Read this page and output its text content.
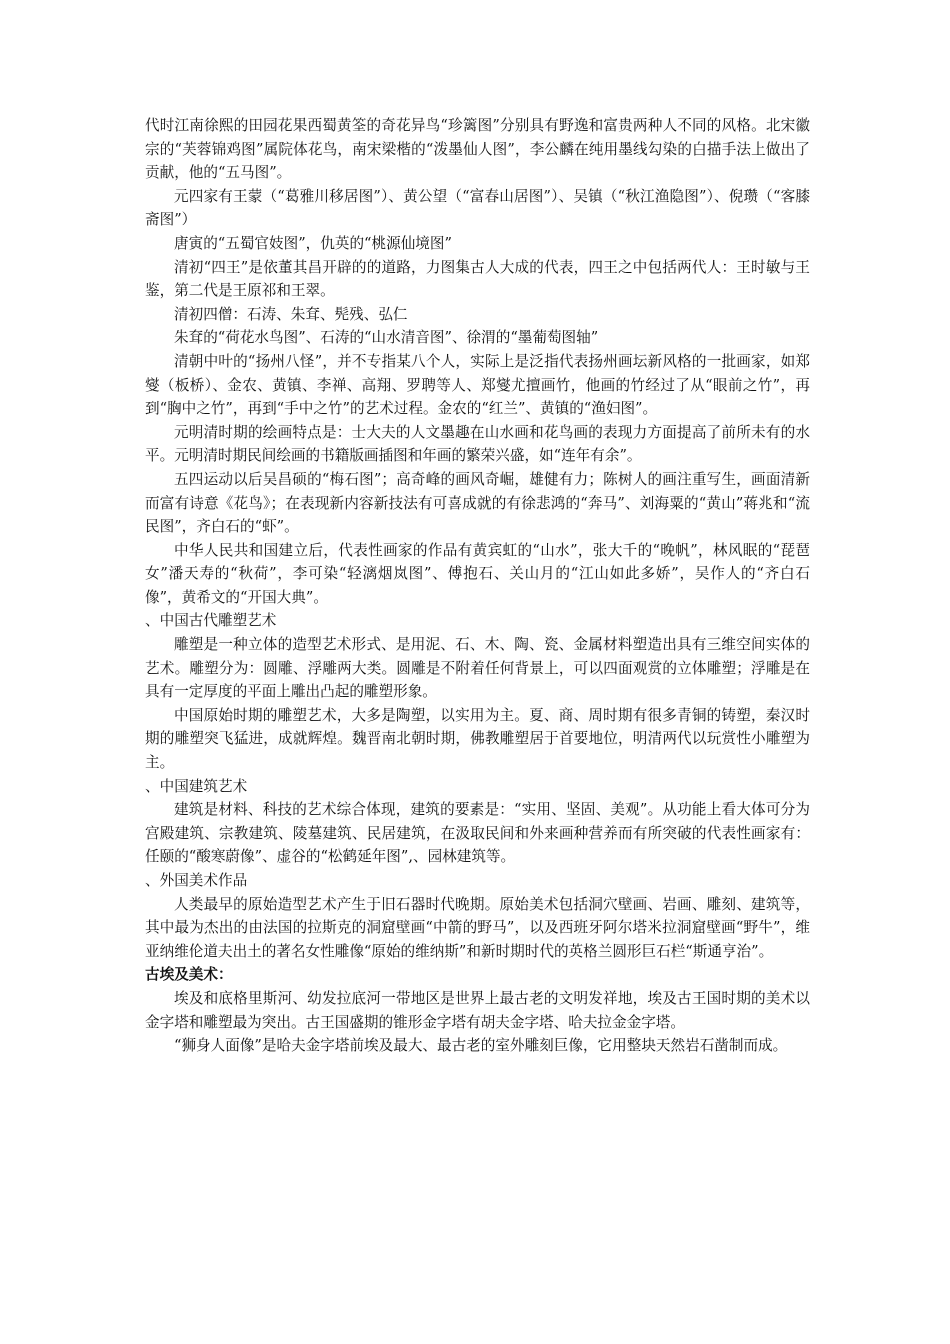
代时江南徐熙的田园花果西蜀黄筌的奇花异鸟“珍篱图”分别具有野逸和富贵两种人不同的风格。北宋徽宗的“芙蓉锦鸡图”属院体花鸟，南宋梁楷的“泼墨仙人图”，李公麟在纯用墨线勾染的白描手法上做出了贡献，他的“五马图”。

元四家有王蒙（“葛雅川移居图”）、黄公望（“富春山居图”）、吴镇（“秋江渔隐图”）、倪瓒（“客膝斋图”）

唐寅的“五蜀官妓图”，仇英的“桃源仙境图”

清初“四王”是依董其昌开辟的的道路，力图集古人大成的代表，四王之中包括两代人：王时敏与王鉴，第二代是王原祁和王翠。

清初四僧：石涛、朱耷、髡残、弘仁

朱耷的“荷花水鸟图”、石涛的“山水清音图”、徐渭的“墨葡萄图轴”

清朝中叶的“扬州八怪”，并不专指某八个人，实际上是泛指代表扬州画坛新风格的一批画家，如郑燮（板桥）、金农、黄镇、李禅、高翔、罗聘等人、郑燮尤擅画竹，他画的竹经过了从“眼前之竹”，再到“胸中之竹”，再到“手中之竹”的艺术过程。金农的“红兰”、黄镇的“渔妇图”。

元明清时期的绘画特点是：士大夫的人文墨趣在山水画和花鸟画的表现力方面提高了前所未有的水平。元明清时期民间绘画的书籍版画插图和年画的繁荣兴盛，如“连年有余”。

五四运动以后吴昌硕的“梅石图”；高奇峰的画风奇崛，雄健有力；陈树人的画注重写生，画面清新而富有诗意《花鸟》；在表现新内容新技法有可喜成就的有徐悲鸿的“奔马”、刘海粟的“黄山”蒋兆和“流民图”，齐白石的“虾”。

中华人民共和国建立后，代表性画家的作品有黄宾虹的“山水”，张大千的“晚帆”，林风眠的“琵琶女”潘天寿的“秋荷”，李可染“轻漓烟岚图”、傅抱石、关山月的“江山如此多娇”，吴作人的“齐白石像”，黄希文的“开国大典”。

、中国古代雕塑艺术

雕塑是一种立体的造型艺术形式、是用泥、石、木、陶、瓷、金属材料塑造出具有三维空间实体的艺术。雕塑分为：圆雕、浮雕两大类。圆雕是不附着任何背景上，可以四面观赏的立体雕塑；浮雕是在具有一定厚度的平面上雕出凸起的雕塑形象。

中国原始时期的雕塑艺术，大多是陶塑，以实用为主。夏、商、周时期有很多青铜的铸塑，秦汉时期的雕塑突飞猛进，成就辉煌。魏晋南北朝时期，佛教雕塑居于首要地位，明清两代以玩赏性小雕塑为主。

、中国建筑艺术

建筑是材料、科技的艺术综合体现，建筑的要素是：“实用、坚固、美观”。从功能上看大体可分为宫殿建筑、宗教建筑、陵墓建筑、民居建筑，在汲取民间和外来画种营养而有所突破的代表性画家有：任颐的“酸寒蔚像”、虚谷的“松鹤延年图”,、园林建筑等。

、外国美术作品

人类最早的原始造型艺术产生于旧石器时代晚期。原始美术包括洞穴壁画、岩画、雕刻、建筑等，其中最为杰出的由法国的拉斯克的洞窟壁画“中箭的野马”，以及西班牙阿尔塔米拉洞窟壁画“野牛”，维亚纳维伦道夫出土的著名女性雕像“原始的维纳斯”和新时期时代的英格兰圆形巨石栏“斯通亨治”。

古埃及美术：

埃及和底格里斯河、幼发拉底河一带地区是世界上最古老的文明发祥地，埃及古王国时期的美术以金字塔和雕塑最为突出。古王国盛期的锥形金字塔有胡夫金字塔、哈夫拉金金字塔。

“狮身人面像”是哈夫金字塔前埃及最大、最古老的室外雕刻巨像，它用整块天然岩石凿制而成。
